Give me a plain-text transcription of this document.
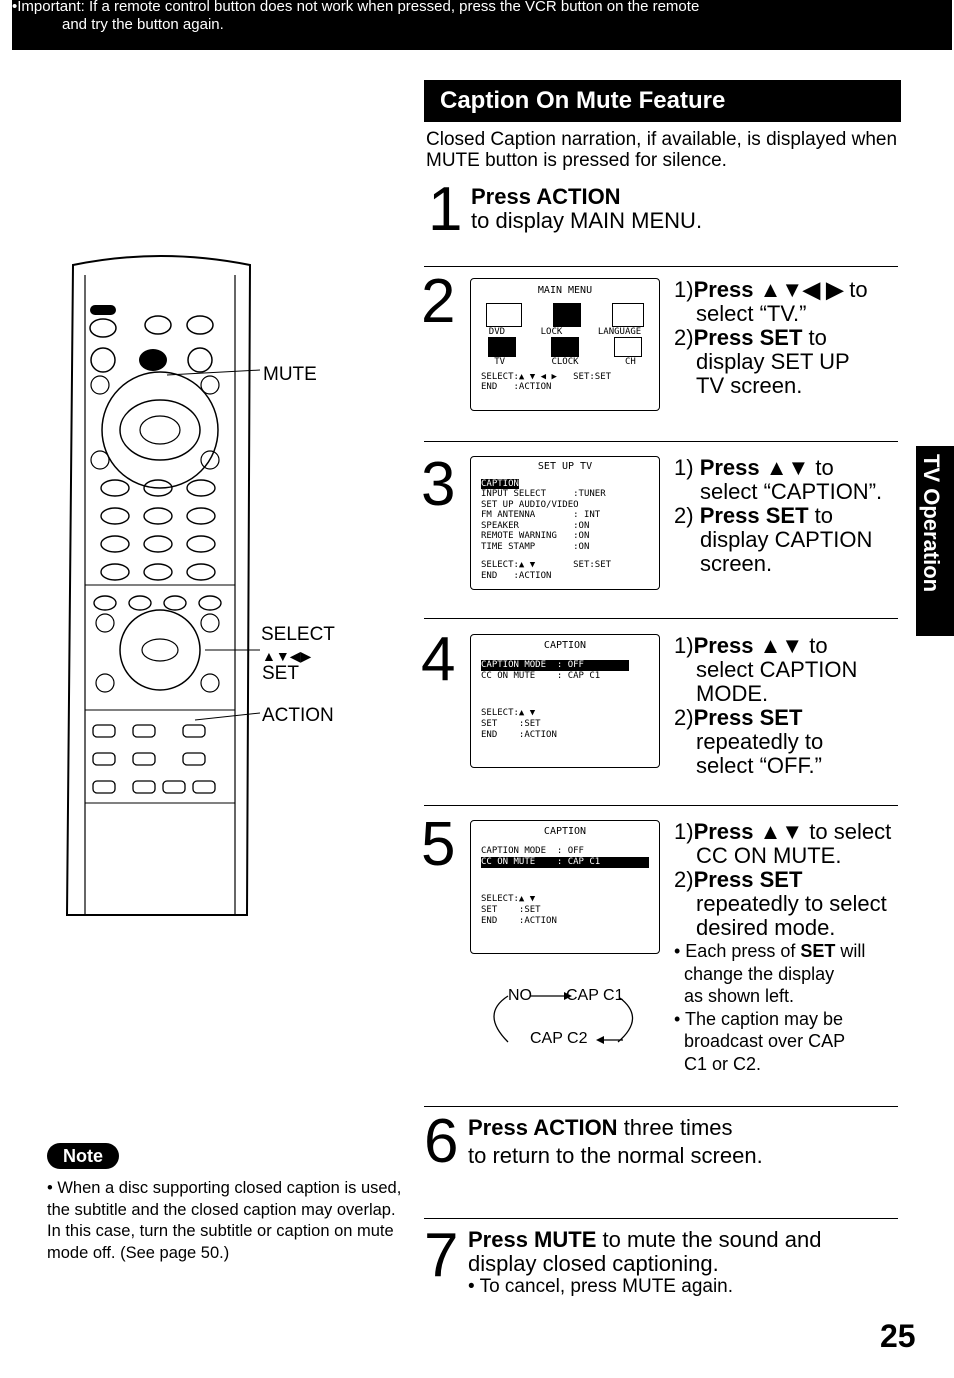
•Important: If a remote control button does not work when pressed, press the VCR button on the remote
and try the button again.
Caption On Mute Feature
Closed Caption narration, if available, is displayed when MUTE button is pressed for silence.
TV Operation
MUTE
SELECT
▲▼◀▶
SET
ACTION
1 Press ACTION
to display MAIN MENU.
2	MAIN MENU
DVD	LOCK	LANGUAGE
TV	CLOCK	CH
SELECT:▲ ▼ ◀ ▶   SET:SET
END   :ACTION
1)Press ▲▼◀ ▶ to
select “TV.”
2)Press SET to
display SET UP
TV screen.
3	SET UP TV
CAPTION
INPUT SELECT     :TUNER
SET UP AUDIO/VIDEO
FM ANTENNA       : INT
SPEAKER          :ON
REMOTE WARNING   :ON
TIME STAMP       :ON
SELECT:▲ ▼       SET:SET
END   :ACTION
1) Press ▲▼ to
select “CAPTION”.
2) Press SET to
display CAPTION
screen.
4	CAPTION
CAPTION MODE  : OFF
CC ON MUTE    : CAP C1
SELECT:▲ ▼
SET    :SET
END    :ACTION
1)Press ▲▼ to
select CAPTION
MODE.
2)Press SET
repeatedly to
select “OFF.”
5	CAPTION
CAPTION MODE  : OFF
CC ON MUTE    : CAP C1
SELECT:▲ ▼
SET    :SET
END    :ACTION
NO CAP C1
CAP C2
1)Press ▲▼ to select
CC ON MUTE.
2)Press SET
repeatedly to select
desired mode.
• Each press of SET will
change the display
as shown left.
• The caption may be
broadcast over CAP
C1 or C2.
6 Press ACTION three times
to return to the normal screen.
7 Press MUTE to mute the sound and
display closed captioning.
• To cancel, press MUTE again.
Note
• When a disc supporting closed caption is used, the subtitle and the closed caption may overlap. In this case, turn the subtitle or caption on mute mode off. (See page 50.)
25
